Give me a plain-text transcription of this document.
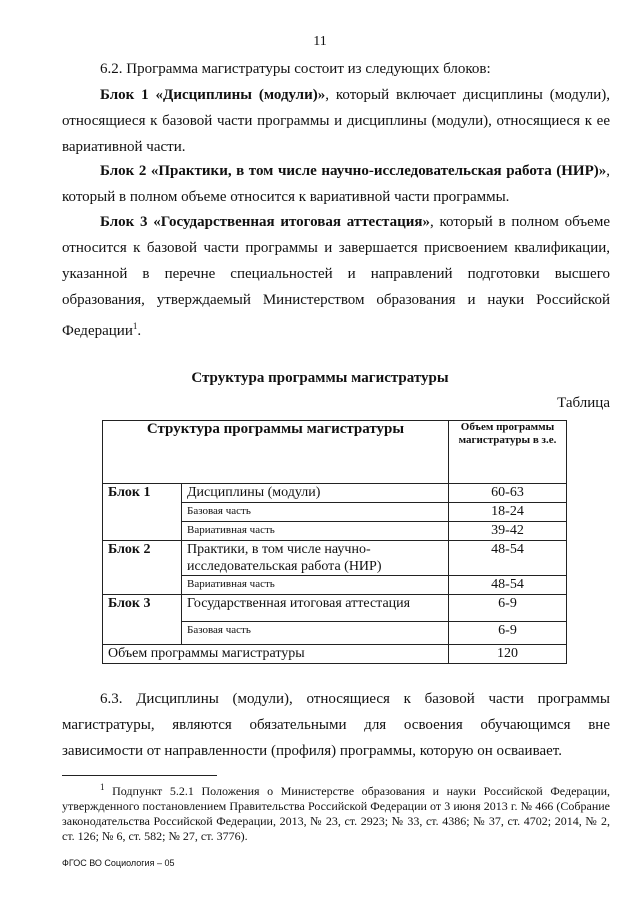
11

6.2. Программа магистратуры состоит из следующих блоков:

Блок 1 «Дисциплины (модули)», который включает дисциплины (модули), относящиеся к базовой части программы и дисциплины (модули), относящиеся к ее вариативной части.

Блок 2 «Практики, в том числе научно-исследовательская работа (НИР)», который в полном объеме относится к вариативной части программы.

Блок 3 «Государственная итоговая аттестация», который в полном объеме относится к базовой части программы и завершается присвоением квалификации, указанной в перечне специальностей и направлений подготовки высшего образования, утверждаемый Министерством образования и науки Российской Федерации$^1$.

Структура программы магистратуры
Таблица
Структура программы магистратуры		Объем программы магистратуры в з.е.
Блок 1	Дисциплины (модули)	60-63
	Базовая часть	18-24
	Вариативная часть	39-42
Блок 2	Практики, в том числе научно-исследовательская работа (НИР)	48-54
	Вариативная часть	48-54
Блок 3	Государственная итоговая аттестация	6-9
	Базовая часть	6-9
Объем программы магистратуры		120

6.3. Дисциплины (модули), относящиеся к базовой части программы магистратуры, являются обязательными для освоения обучающимся вне зависимости от направленности (профиля) программы, которую он осваивает.

$^1$ Подпункт 5.2.1 Положения о Министерстве образования и науки Российской Федерации, утвержденного постановлением Правительства Российской Федерации от 3 июня 2013 г. № 466 (Собрание законодательства Российской Федерации, 2013, № 23, ст. 2923; № 33, ст. 4386; № 37, ст. 4702; 2014, № 2, ст. 126; № 6, ст. 582; № 27, ст. 3776).

ФГОС ВО Социология – 05
